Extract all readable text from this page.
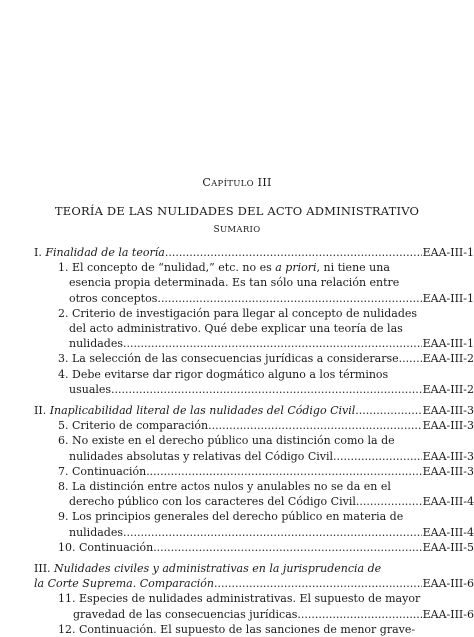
CAPÍTULO III
TEORÍA DE LAS NULIDADES DEL ACTO ADMINISTRATIVO
SUMARIO
I. Finalidad de la teoría .....	EAA-III-1
1. El concepto de “nulidad,” etc. no es a priori, ni tiene una
esencia propia determinada. Es tan sólo una relación entre
otros conceptos .....	EAA-III-1
2. Criterio de investigación para llegar al concepto de nulidades
del acto administrativo. Qué debe explicar una teoría de las
nulidades .....	EAA-III-1
3. La selección de las consecuencias jurídicas a considerarse ..... EAA-III-2
4. Debe evitarse dar rigor dogmático alguno a los términos
usuales .....	EAA-III-2
II. Inaplicabilidad literal de las nulidades del Código Civil .....	EAA-III-3
5. Criterio de comparación .....	EAA-III-3
6. No existe en el derecho público una distinción como la de
nulidades absolutas y relativas del Código Civil .....	EAA-III-3
7. Continuación .....	EAA-III-3
8. La distinción entre actos nulos y anulables no se da en el
derecho público con los caracteres del Código Civil .....	EAA-III-4
9. Los principios generales del derecho público en materia de
nulidades .....	EAA-III-4
10. Continuación .....	EAA-III-5
III. Nulidades civiles y administrativas en la jurisprudencia de
la Corte Suprema. Comparación .....	EAA-III-6
11. Especies de nulidades administrativas. El supuesto de mayor
gravedad de las consecuencias jurídicas .....	EAA-III-6
12. Continuación. El supuesto de las sanciones de menor grave-
